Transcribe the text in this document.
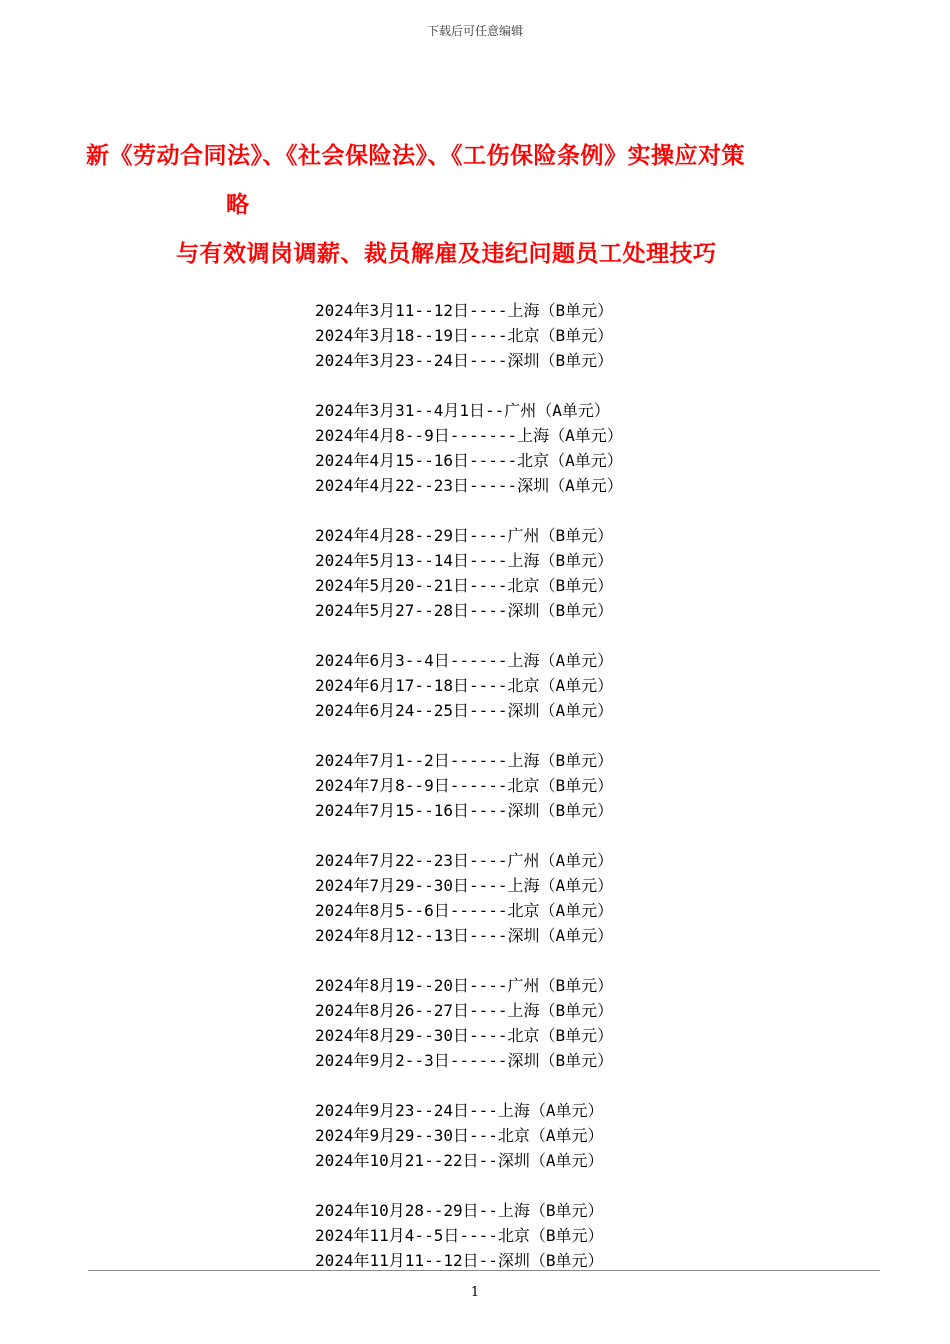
下载后可任意编辑
新《劳动合同法》、《社会保险法》、《工伤保险条例》实操应对策
略
与有效调岗调薪、裁员解雇及违纪问题员工处理技巧
2024年3月11--12日----上海（B单元）
2024年3月18--19日----北京（B单元）
2024年3月23--24日----深圳（B单元）
2024年3月31--4月1日--广州（A单元）
2024年4月8--9日-------上海（A单元）
2024年4月15--16日-----北京（A单元）
2024年4月22--23日-----深圳（A单元）
2024年4月28--29日----广州（B单元）
2024年5月13--14日----上海（B单元）
2024年5月20--21日----北京（B单元）
2024年5月27--28日----深圳（B单元）
2024年6月3--4日------上海（A单元）
2024年6月17--18日----北京（A单元）
2024年6月24--25日----深圳（A单元）
2024年7月1--2日------上海（B单元）
2024年7月8--9日------北京（B单元）
2024年7月15--16日----深圳（B单元）
2024年7月22--23日----广州（A单元）
2024年7月29--30日----上海（A单元）
2024年8月5--6日------北京（A单元）
2024年8月12--13日----深圳（A单元）
2024年8月19--20日----广州（B单元）
2024年8月26--27日----上海（B单元）
2024年8月29--30日----北京（B单元）
2024年9月2--3日------深圳（B单元）
2024年9月23--24日---上海（A单元）
2024年9月29--30日---北京（A单元）
2024年10月21--22日--深圳（A单元）
2024年10月28--29日--上海（B单元）
2024年11月4--5日----北京（B单元）
2024年11月11--12日--深圳（B单元）
1
